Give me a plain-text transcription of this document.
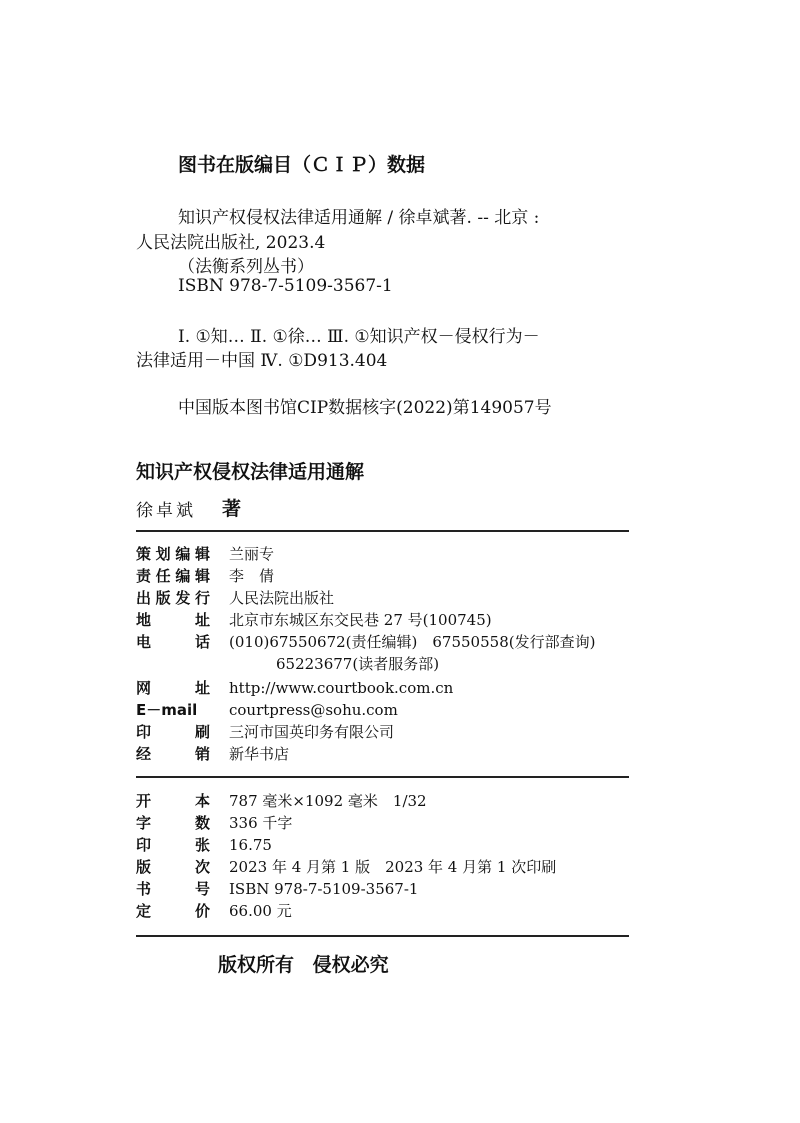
图书在版编目（ＣＩＰ）数据
知识产权侵权法律适用通解 / 徐卓斌著. -- 北京 :
人民法院出版社, 2023.4
（法衡系列丛书）
ISBN 978-7-5109-3567-1
Ⅰ. ①知… Ⅱ. ①徐… Ⅲ. ①知识产权－侵权行为－
法律适用－中国 Ⅳ. ①D913.404
中国版本图书馆CIP数据核字(2022)第149057号
知识产权侵权法律适用通解
徐卓斌 著
策划编辑 兰丽专
责任编辑 李　倩
出版发行 人民法院出版社
地址 北京市东城区东交民巷 27 号(100745)
电话 (010)67550672(责任编辑)　67550558(发行部查询)
65223677(读者服务部)
网址 http://www.courtbook.com.cn
E－mail	courtpress@sohu.com
印刷 三河市国英印务有限公司
经销 新华书店
开本 787 毫米×1092 毫米　1/32
字数 336 千字
印张 16.75
版次 2023 年 4 月第 1 版　2023 年 4 月第 1 次印刷
书号 ISBN 978-7-5109-3567-1
定价 66.00 元
版权所有 侵权必究
